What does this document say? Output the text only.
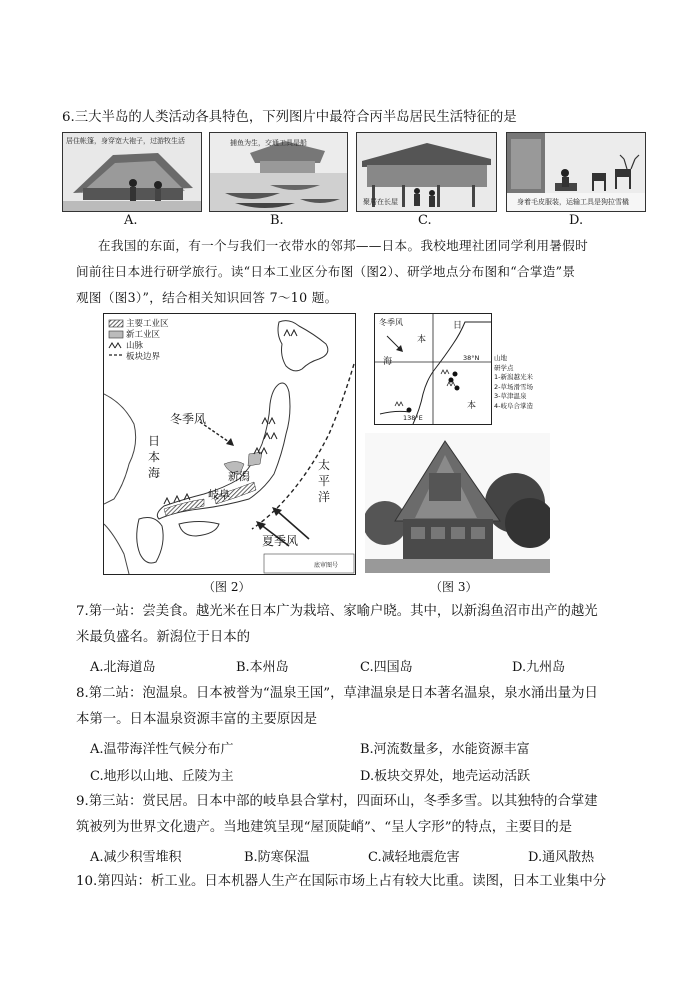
6.三大半岛的人类活动各具特色，下列图片中最符合丙半岛居民生活特征的是
居住帐篷，身穿宽大袍子，过游牧生活
A.
捕鱼为生，交通工具是船
B.
聚居在长屋
C.
身着毛皮服装，运输工具是狗拉雪橇
D.
在我国的东面，有一个与我们一衣带水的邻邦——日本。我校地理社团同学利用暑假时
间前往日本进行研学旅行。读“日本工业区分布图（图2）、研学地点分布图和“合掌造”景
观图（图3）”，结合相关知识回答 7～10 题。
主要工业区
新工业区
山脉
板块边界
冬季风
日
本
海
太
平
洋
新潟
岐阜
夏季风
底审图号
（图 2）
冬季风	日
本
海
本
38°N
138°E
山地
研学点
1-新潟越光米
2-草场滑雪场
3-草津温泉
4-岐阜合掌造
（图 3）
7.第一站：尝美食。越光米在日本广为栽培、家喻户晓。其中，以新潟鱼沼市出产的越光
米最负盛名。新潟位于日本的
A.北海道岛	B.本州岛	C.四国岛	D.九州岛
8.第二站：泡温泉。日本被誉为“温泉王国”，草津温泉是日本著名温泉，泉水涌出量为日
本第一。日本温泉资源丰富的主要原因是
A.温带海洋性气候分布广	B.河流数量多，水能资源丰富
C.地形以山地、丘陵为主	D.板块交界处，地壳运动活跃
9.第三站：赏民居。日本中部的岐阜县合掌村，四面环山，冬季多雪。以其独特的合掌建
筑被列为世界文化遗产。当地建筑呈现“屋顶陡峭”、“呈人字形”的特点，主要目的是
A.减少积雪堆积	B.防寒保温	C.减轻地震危害	D.通风散热
10.第四站：析工业。日本机器人生产在国际市场上占有较大比重。读图，日本工业集中分
